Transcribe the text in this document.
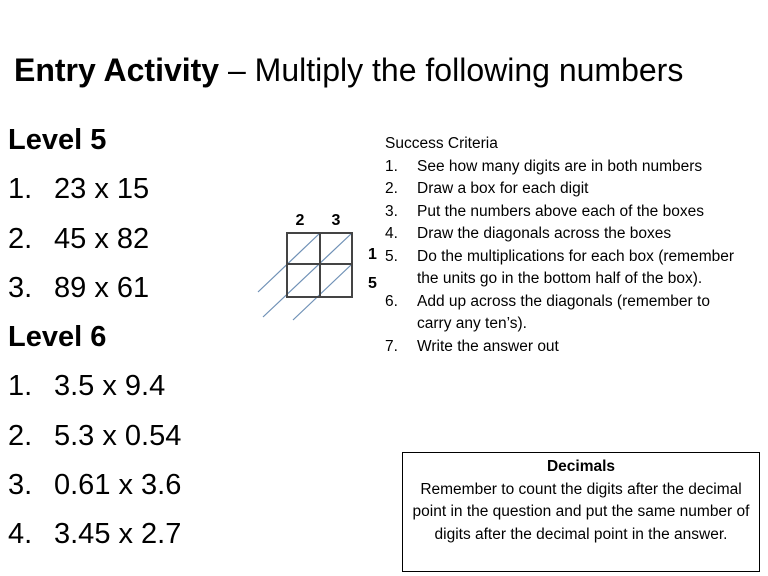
Entry Activity – Multiply the following numbers
Level 5
1. 23 x 15
2. 45 x 82
3. 89 x 61
Level 6
1. 3.5 x 9.4
2. 5.3 x 0.54
3. 0.61 x 3.6
4. 3.45 x 2.7
2 3
1
5
Success Criteria
1.	See how many digits are in both numbers
2.	Draw a box for each digit
3.	Put the numbers above each of the boxes
4.	Draw the diagonals across the boxes
5.	Do the multiplications for each box (remember the units go in the bottom half of the box).
6.	Add up across the diagonals (remember to carry any ten’s).
7.	Write the answer out
Decimals
Remember to count the digits after the decimal point in the question and put the same number of digits after the decimal point in the answer.
